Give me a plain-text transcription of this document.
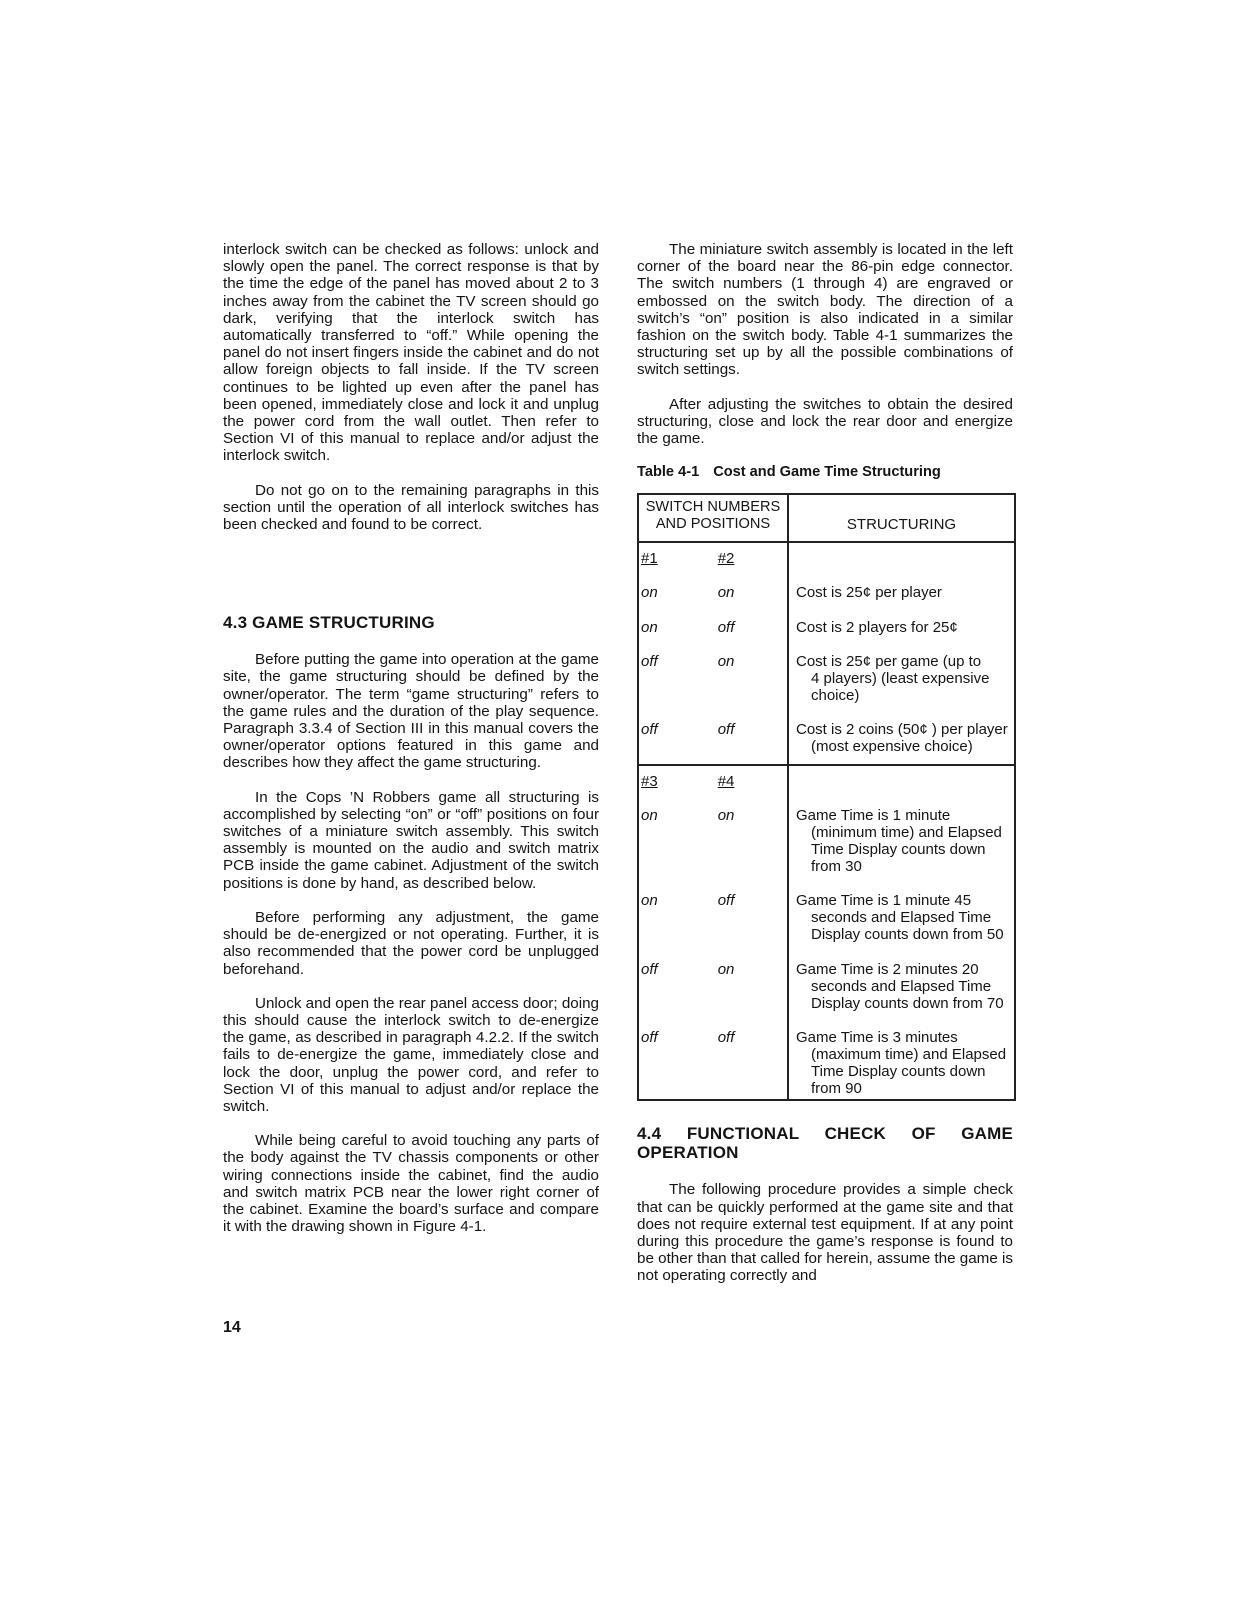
interlock switch can be checked as follows: unlock and slowly open the panel. The correct response is that by the time the edge of the panel has moved about 2 to 3 inches away from the cabinet the TV screen should go dark, verifying that the interlock switch has automatically transferred to “off.” While opening the panel do not insert fingers inside the cabinet and do not allow foreign objects to fall inside. If the TV screen continues to be lighted up even after the panel has been opened, immediately close and lock it and unplug the power cord from the wall outlet. Then refer to Section VI of this manual to replace and/or adjust the interlock switch.

Do not go on to the remaining paragraphs in this section until the operation of all interlock switches has been checked and found to be correct.

4.3 GAME STRUCTURING

Before putting the game into operation at the game site, the game structuring should be defined by the owner/operator. The term “game structuring” refers to the game rules and the duration of the play sequence. Paragraph 3.3.4 of Section III in this manual covers the owner/operator options featured in this game and describes how they affect the game structuring.

In the Cops ’N Robbers game all structuring is accomplished by selecting “on” or “off” positions on four switches of a miniature switch assembly. This switch assembly is mounted on the audio and switch matrix PCB inside the game cabinet. Adjustment of the switch positions is done by hand, as described below.

Before performing any adjustment, the game should be de-energized or not operating. Further, it is also recommended that the power cord be unplugged beforehand.

Unlock and open the rear panel access door; doing this should cause the interlock switch to de-energize the game, as described in paragraph 4.2.2. If the switch fails to de-energize the game, immediately close and lock the door, unplug the power cord, and refer to Section VI of this manual to adjust and/or replace the switch.

While being careful to avoid touching any parts of the body against the TV chassis components or other wiring connections inside the cabinet, find the audio and switch matrix PCB near the lower right corner of the cabinet. Examine the board’s surface and compare it with the drawing shown in Figure 4-1.

The miniature switch assembly is located in the left corner of the board near the 86-pin edge connector. The switch numbers (1 through 4) are engraved or embossed on the switch body. The direction of a switch’s “on” position is also indicated in a similar fashion on the switch body. Table 4-1 summarizes the structuring set up by all the possible combinations of switch settings.

After adjusting the switches to obtain the desired structuring, close and lock the rear door and energize the game.

Table 4-1 Cost and Game Time Structuring

SWITCH NUMBERS
AND POSITIONS		STRUCTURING
#1	#2	
on	on	Cost is 25¢ per player
on	off	Cost is 2 players for 25¢
off	on	Cost is 25¢ per game (up to
4 players) (least expensive
choice)

off	off	Cost is 2 coins (50¢ ) per player
(most expensive choice)

#3	#4	
on	on	Game Time is 1 minute
(minimum time) and Elapsed
Time Display counts down
from 30

on	off	Game Time is 1 minute 45
seconds and Elapsed Time
Display counts down from 50

off	on	Game Time is 2 minutes 20
seconds and Elapsed Time
Display counts down from 70

off	off	Game Time is 3 minutes
(maximum time) and Elapsed
Time Display counts down
from 90
4.4 FUNCTIONAL CHECK OF GAME OPERATION

The following procedure provides a simple check that can be quickly performed at the game site and that does not require external test equipment. If at any point during this procedure the game’s response is found to be other than that called for herein, assume the game is not operating correctly and

14
